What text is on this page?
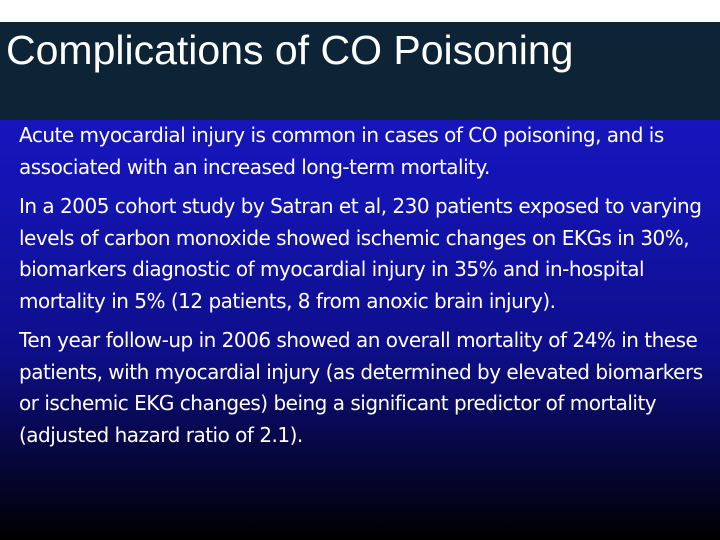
Complications of CO Poisoning

Acute myocardial injury is common in cases of CO poisoning, and is associated with an increased long-term mortality.

In a 2005 cohort study by Satran et al, 230 patients exposed to varying levels of carbon monoxide showed ischemic changes on EKGs in 30%, biomarkers diagnostic of myocardial injury in 35% and in-hospital mortality in 5% (12 patients, 8 from anoxic brain injury).

Ten year follow-up in 2006 showed an overall mortality of 24% in these patients, with myocardial injury (as determined by elevated biomarkers or ischemic EKG changes) being a significant predictor of mortality (adjusted hazard ratio of 2.1).
